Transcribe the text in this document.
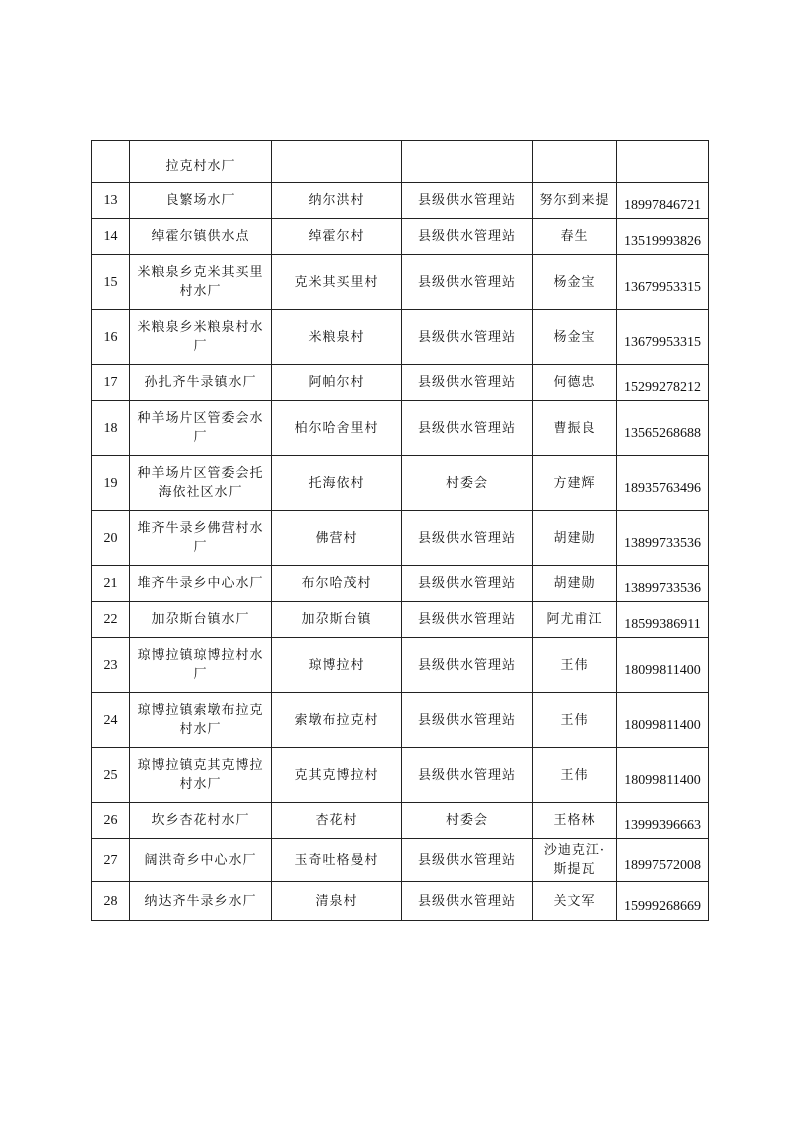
	拉克村水厂				
13	良繁场水厂	纳尔洪村	县级供水管理站	努尔到来提	18997846721
14	绰霍尔镇供水点	绰霍尔村	县级供水管理站	春生	13519993826
15	米粮泉乡克米其买里村水厂	克米其买里村	县级供水管理站	杨金宝	13679953315
16	米粮泉乡米粮泉村水厂	米粮泉村	县级供水管理站	杨金宝	13679953315
17	孙扎齐牛录镇水厂	阿帕尔村	县级供水管理站	何德忠	15299278212
18	种羊场片区管委会水厂	柏尔哈舍里村	县级供水管理站	曹振良	13565268688
19	种羊场片区管委会托海依社区水厂	托海依村	村委会	方建辉	18935763496
20	堆齐牛录乡佛营村水厂	佛营村	县级供水管理站	胡建勋	13899733536
21	堆齐牛录乡中心水厂	布尔哈茂村	县级供水管理站	胡建勋	13899733536
22	加尕斯台镇水厂	加尕斯台镇	县级供水管理站	阿尤甫江	18599386911
23	琼博拉镇琼博拉村水厂	琼博拉村	县级供水管理站	王伟	18099811400
24	琼博拉镇索墩布拉克村水厂	索墩布拉克村	县级供水管理站	王伟	18099811400
25	琼博拉镇克其克博拉村水厂	克其克博拉村	县级供水管理站	王伟	18099811400
26	坎乡杏花村水厂	杏花村	村委会	王格林	13999396663
27	阔洪奇乡中心水厂	玉奇吐格曼村	县级供水管理站	沙迪克江·斯提瓦	18997572008
28	纳达齐牛录乡水厂	清泉村	县级供水管理站	关文军	15999268669
